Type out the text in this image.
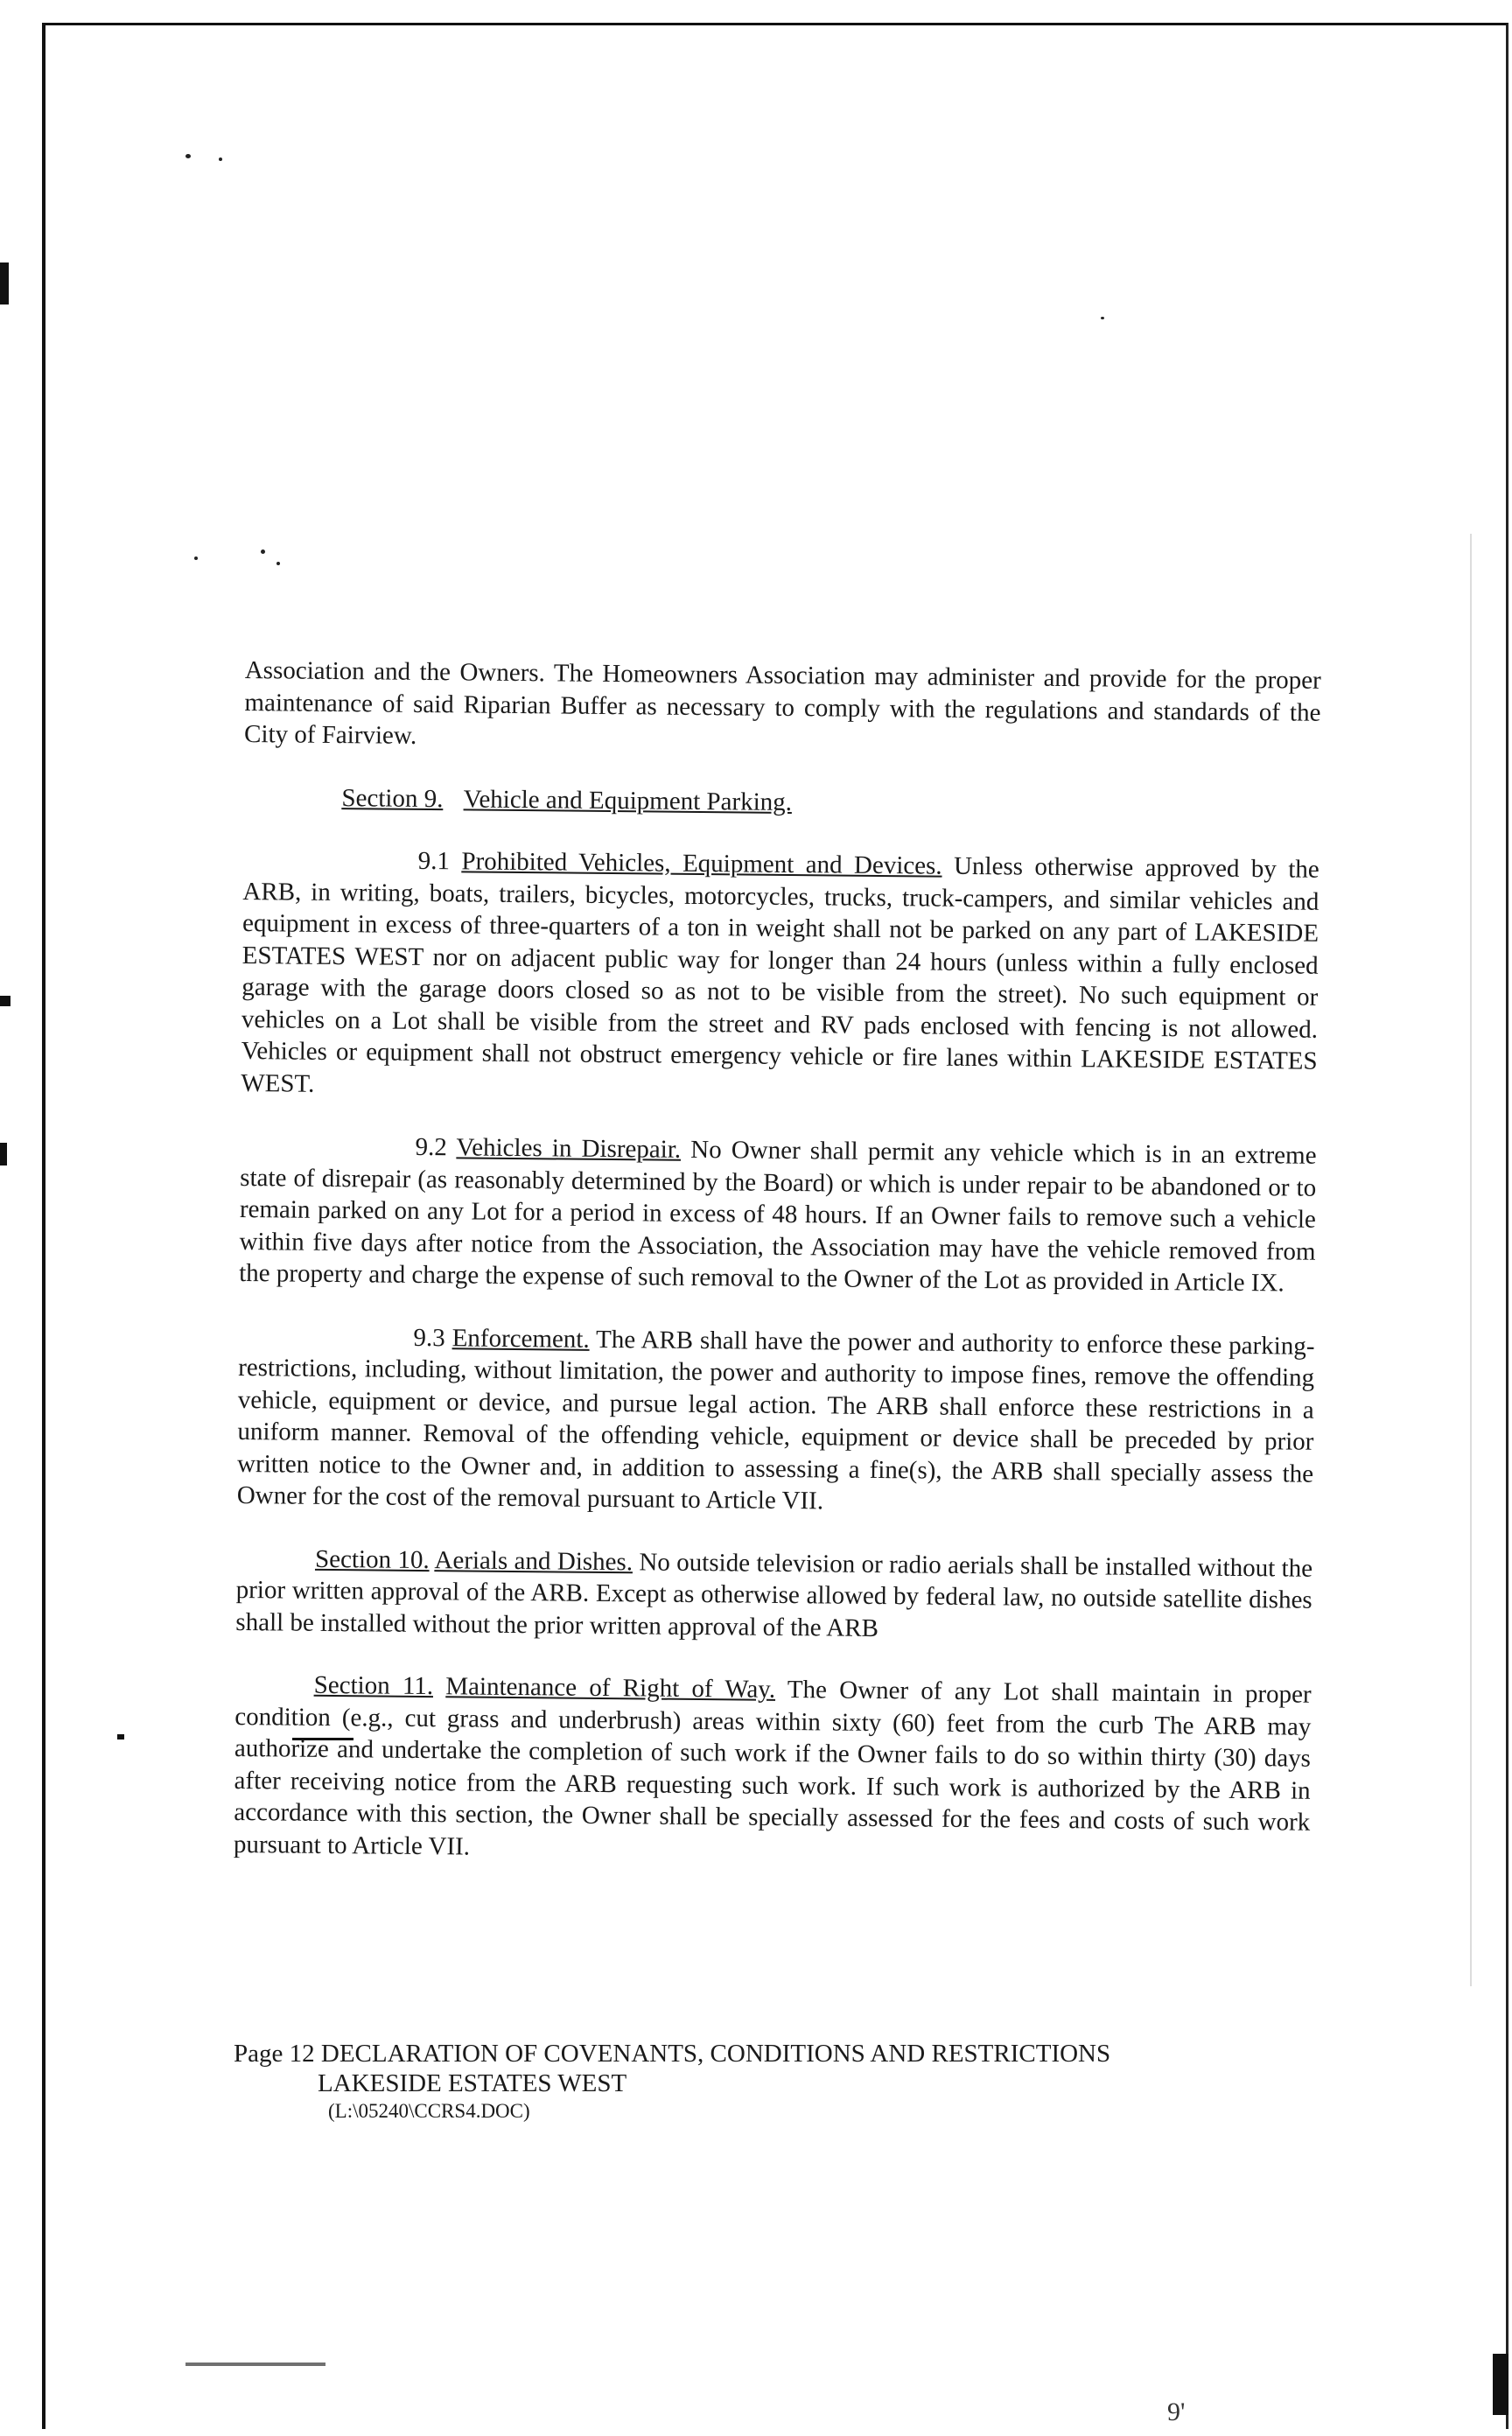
Association and the Owners. The Homeowners Association may administer and provide for the proper maintenance of said Riparian Buffer as necessary to comply with the regulations and standards of the City of Fairview.

Section 9. Vehicle and Equipment Parking.

9.1 Prohibited Vehicles, Equipment and Devices. Unless otherwise approved by the ARB, in writing, boats, trailers, bicycles, motorcycles, trucks, truck-campers, and similar vehicles and equipment in excess of three-quarters of a ton in weight shall not be parked on any part of LAKESIDE ESTATES WEST nor on adjacent public way for longer than 24 hours (unless within a fully enclosed garage with the garage doors closed so as not to be visible from the street). No such equipment or vehicles on a Lot shall be visible from the street and RV pads enclosed with fencing is not allowed. Vehicles or equipment shall not obstruct emergency vehicle or fire lanes within LAKESIDE ESTATES WEST.

9.2 Vehicles in Disrepair. No Owner shall permit any vehicle which is in an extreme state of disrepair (as reasonably determined by the Board) or which is under repair to be abandoned or to remain parked on any Lot for a period in excess of 48 hours. If an Owner fails to remove such a vehicle within five days after notice from the Association, the Association may have the vehicle removed from the property and charge the expense of such removal to the Owner of the Lot as provided in Article IX.

9.3 Enforcement. The ARB shall have the power and authority to enforce these parking-restrictions, including, without limitation, the power and authority to impose fines, remove the offending vehicle, equipment or device, and pursue legal action. The ARB shall enforce these restrictions in a uniform manner. Removal of the offending vehicle, equipment or device shall be preceded by prior written notice to the Owner and, in addition to assessing a fine(s), the ARB shall specially assess the Owner for the cost of the removal pursuant to Article VII.

Section 10. Aerials and Dishes. No outside television or radio aerials shall be installed without the prior written approval of the ARB. Except as otherwise allowed by federal law, no outside satellite dishes shall be installed without the prior written approval of the ARB

Section 11. Maintenance of Right of Way. The Owner of any Lot shall maintain in proper condition (e.g., cut grass and underbrush) areas within sixty (60) feet from the curb The ARB may authorize and undertake the completion of such work if the Owner fails to do so within thirty (30) days after receiving notice from the ARB requesting such work. If such work is authorized by the ARB in accordance with this section, the Owner shall be specially assessed for the fees and costs of such work pursuant to Article VII.

Page 12 DECLARATION OF COVENANTS, CONDITIONS AND RESTRICTIONS
LAKESIDE ESTATES WEST
(L:\05240\CCRS4.DOC)
9'
